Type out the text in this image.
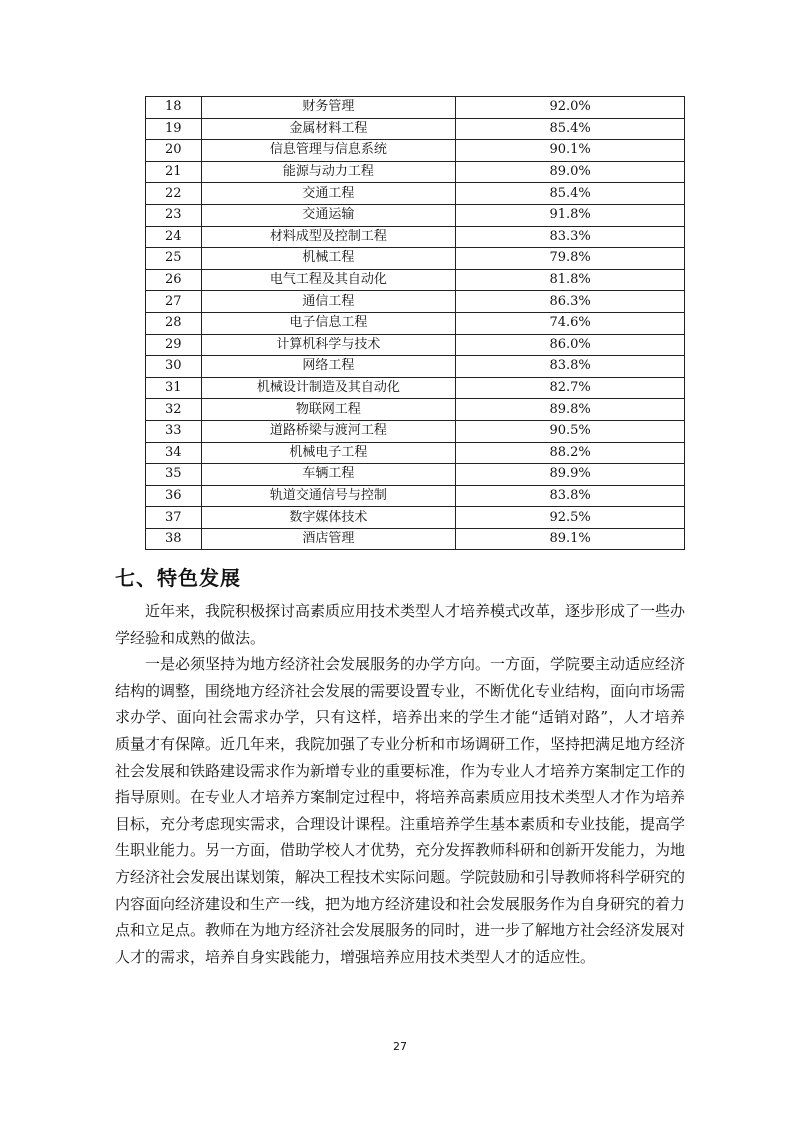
18	财务管理	92.0%
19	金属材料工程	85.4%
20	信息管理与信息系统	90.1%
21	能源与动力工程	89.0%
22	交通工程	85.4%
23	交通运输	91.8%
24	材料成型及控制工程	83.3%
25	机械工程	79.8%
26	电气工程及其自动化	81.8%
27	通信工程	86.3%
28	电子信息工程	74.6%
29	计算机科学与技术	86.0%
30	网络工程	83.8%
31	机械设计制造及其自动化	82.7%
32	物联网工程	89.8%
33	道路桥梁与渡河工程	90.5%
34	机械电子工程	88.2%
35	车辆工程	89.9%
36	轨道交通信号与控制	83.8%
37	数字媒体技术	92.5%
38	酒店管理	89.1%
七、特色发展

近年来，我院积极探讨高素质应用技术类型人才培养模式改革，逐步形成了一些办学经验和成熟的做法。

一是必须坚持为地方经济社会发展服务的办学方向。一方面，学院要主动适应经济结构的调整，围绕地方经济社会发展的需要设置专业，不断优化专业结构，面向市场需求办学、面向社会需求办学，只有这样，培养出来的学生才能“适销对路”，人才培养质量才有保障。近几年来，我院加强了专业分析和市场调研工作，坚持把满足地方经济社会发展和铁路建设需求作为新增专业的重要标准，作为专业人才培养方案制定工作的指导原则。在专业人才培养方案制定过程中，将培养高素质应用技术类型人才作为培养目标，充分考虑现实需求，合理设计课程。注重培养学生基本素质和专业技能，提高学生职业能力。另一方面，借助学校人才优势，充分发挥教师科研和创新开发能力，为地方经济社会发展出谋划策，解决工程技术实际问题。学院鼓励和引导教师将科学研究的内容面向经济建设和生产一线，把为地方经济建设和社会发展服务作为自身研究的着力点和立足点。教师在为地方经济社会发展服务的同时，进一步了解地方社会经济发展对人才的需求，培养自身实践能力，增强培养应用技术类型人才的适应性。

27
